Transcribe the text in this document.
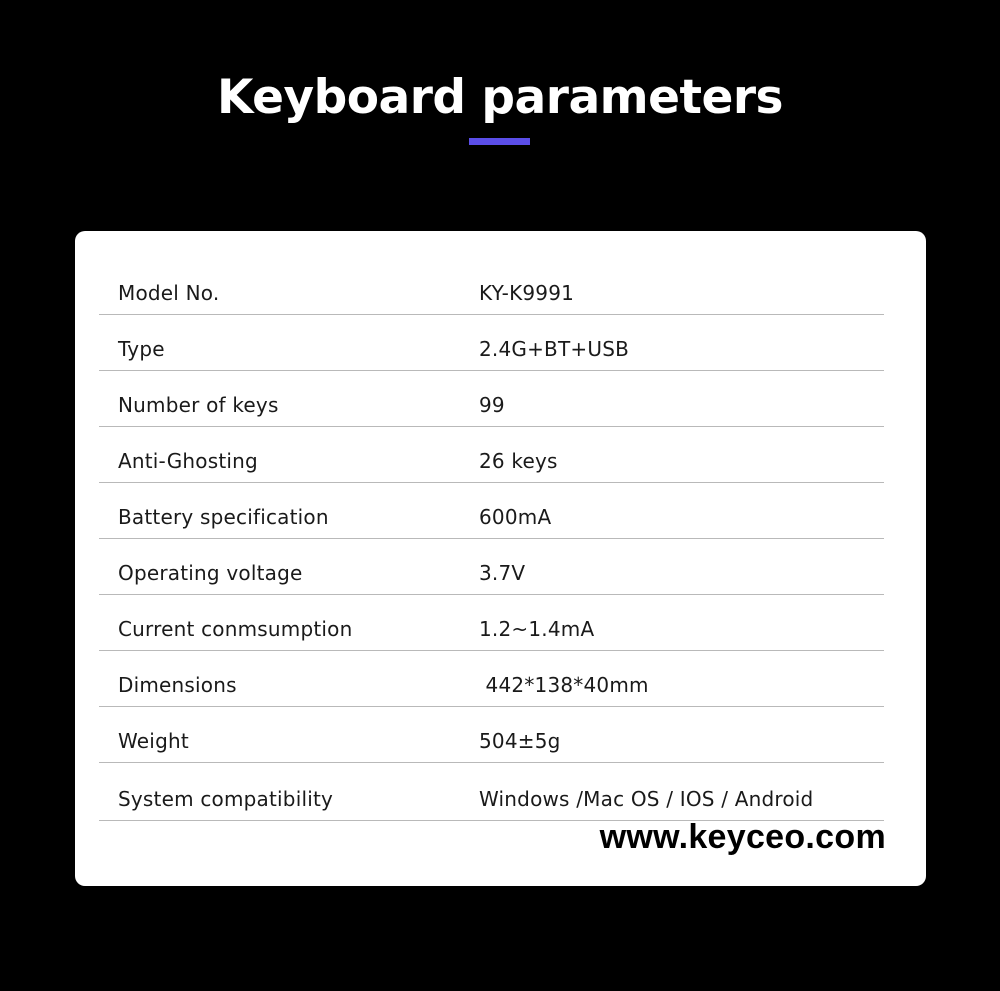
Keyboard parameters
Model No.	KY-K9991
Type	2.4G+BT+USB
Number of keys	99
Anti-Ghosting	26 keys
Battery specification	600mA
Operating voltage	3.7V
Current conmsumption	1.2~1.4mA
Dimensions	442*138*40mm
Weight	504±5g
System compatibility	Windows /Mac OS / IOS / Android
www.keyceo.com
